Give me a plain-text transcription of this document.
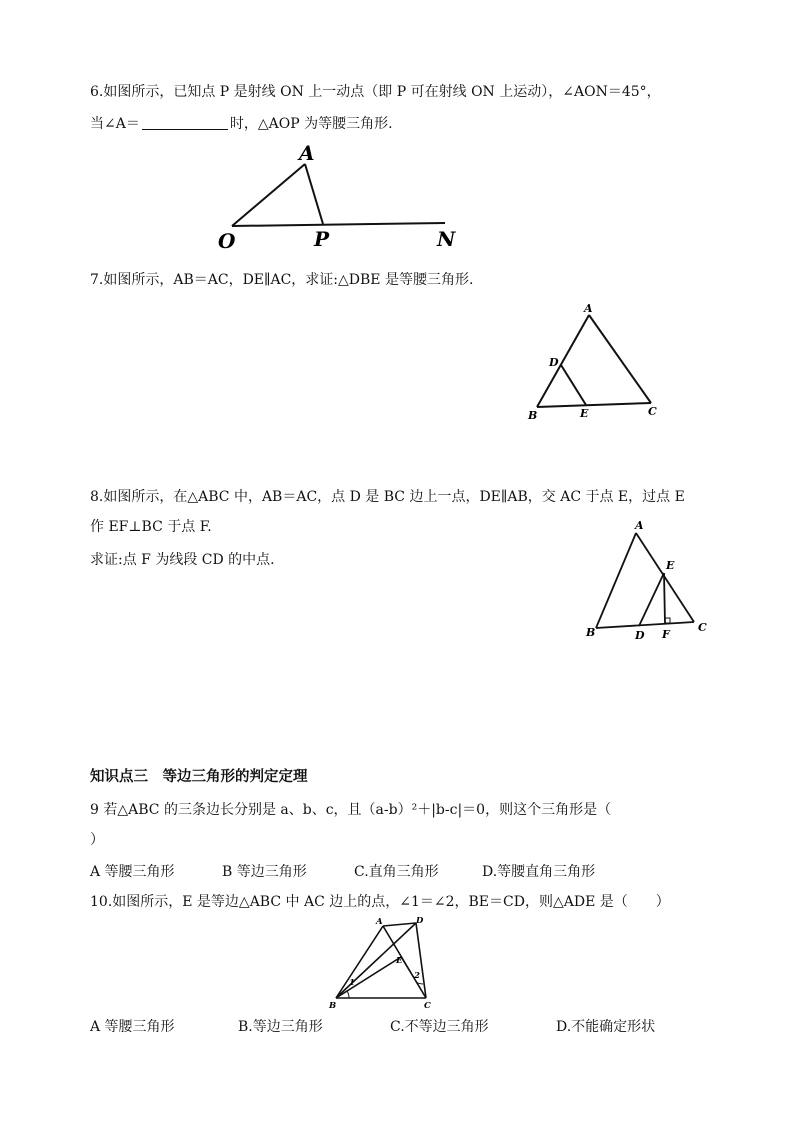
6.如图所示，已知点 P 是射线 ON 上一动点（即 P 可在射线 ON 上运动），∠AON＝45°，
当∠A＝	时，△AOP 为等腰三角形.
A
O	P	N
7.如图所示，AB＝AC，DE∥AC，求证:△DBE 是等腰三角形.
A
D
B	E	C
8.如图所示，在△ABC 中，AB＝AC，点 D 是 BC 边上一点，DE∥AB，交 AC 于点 E，过点 E
作 EF⊥BC 于点 F.
求证:点 F 为线段 CD 的中点.
A
E
B	D F
C
知识点三　等边三角形的判定定理
9 若△ABC 的三条边长分别是 a、b、c，且（a-b）²＋|b-c|＝0，则这个三角形是（
）
A 等腰三角形	B 等边三角形	C.直角三角形	D.等腰直角三角形
10.如图所示，E 是等边△ABC 中 AC 边上的点，∠1＝∠2，BE＝CD，则△ADE 是（　　）
A	D
E
1
2
B	C
A 等腰三角形	B.等边三角形	C.不等边三角形	D.不能确定形状
